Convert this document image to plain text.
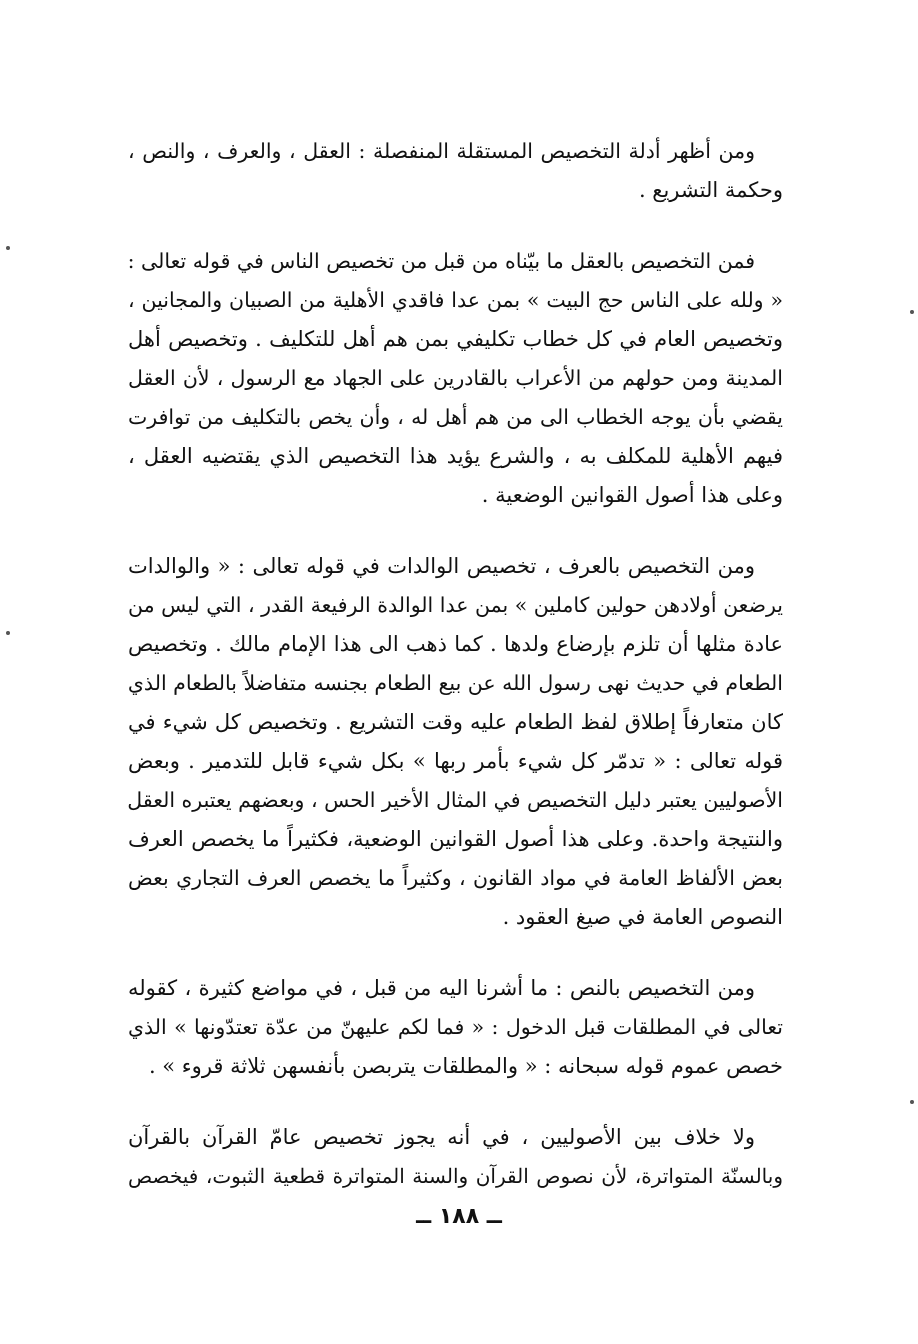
ومن أظهر أدلة التخصيص المستقلة المنفصلة : العقل ، والعرف ، والنص ،
وحكمة التشريع .

فمن التخصيص بالعقل ما بيّناه من قبل من تخصيص الناس في قوله تعالى :
« ولله على الناس حج البيت » بمن عدا فاقدي الأهلية من الصبيان والمجانين ،
وتخصيص العام في كل خطاب تكليفي بمن هم أهل للتكليف . وتخصيص أهل
المدينة ومن حولهم من الأعراب بالقادرين على الجهاد مع الرسول ، لأن العقل
يقضي بأن يوجه الخطاب الى من هم أهل له ، وأن يخص بالتكليف من توافرت
فيهم الأهلية للمكلف به ، والشرع يؤيد هذا التخصيص الذي يقتضيه العقل ،
وعلى هذا أصول القوانين الوضعية .

ومن التخصيص بالعرف ، تخصيص الوالدات في قوله تعالى : « والوالدات
يرضعن أولادهن حولين كاملين » بمن عدا الوالدة الرفيعة القدر ، التي ليس من
عادة مثلها أن تلزم بإرضاع ولدها . كما ذهب الى هذا الإمام مالك . وتخصيص
الطعام في حديث نهى رسول الله عن بيع الطعام بجنسه متفاضلاً بالطعام الذي
كان متعارفاً إطلاق لفظ الطعام عليه وقت التشريع . وتخصيص كل شيء في
قوله تعالى : « تدمّر كل شيء بأمر ربها » بكل شيء قابل للتدمير . وبعض
الأصوليين يعتبر دليل التخصيص في المثال الأخير الحس ، وبعضهم يعتبره العقل
والنتيجة واحدة. وعلى هذا أصول القوانين الوضعية، فكثيراً ما يخصص العرف
بعض الألفاظ العامة في مواد القانون ، وكثيراً ما يخصص العرف التجاري بعض
النصوص العامة في صيغ العقود .

ومن التخصيص بالنص : ما أشرنا اليه من قبل ، في مواضع كثيرة ، كقوله
تعالى في المطلقات قبل الدخول : « فما لكم عليهنّ من عدّة تعتدّونها » الذي
خصص عموم قوله سبحانه : « والمطلقات يتربصن بأنفسهن ثلاثة قروء » .

ولا خلاف بين الأصوليين ، في أنه يجوز تخصيص عامّ القرآن بالقرآن
وبالسنّة المتواترة، لأن نصوص القرآن والسنة المتواترة قطعية الثبوت، فيخصص

ــ ١٨٨ ــ
